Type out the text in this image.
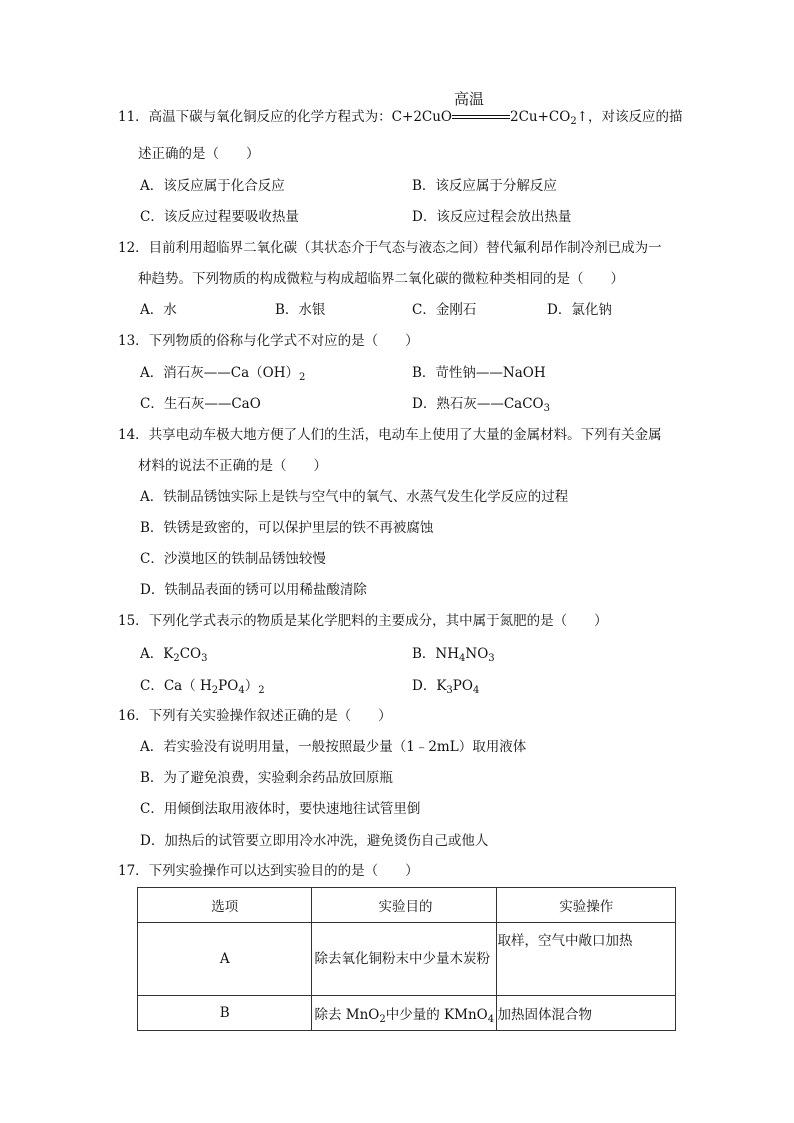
11．高温下碳与氧化铜反应的化学方程式为：C+2CuO
高温
$2Cu+CO_2↑$，对该反应的描
述正确的是（　　）
A．该反应属于化合反应	B．该反应属于分解反应
C．该反应过程要吸收热量	D．该反应过程会放出热量
12．目前利用超临界二氧化碳（其状态介于气态与液态之间）替代氟利昂作制冷剂已成为一
种趋势。下列物质的构成微粒与构成超临界二氧化碳的微粒种类相同的是（　　）
A．水	B．水银	C．金刚石	D．氯化钠
13．下列物质的俗称与化学式不对应的是（　　）
A．消石灰$——Ca(OH)_2$	B．苛性钠——NaOH
C．生石灰——CaO	D．熟石灰——CaCO$_3$
14．共享电动车极大地方便了人们的生活，电动车上使用了大量的金属材料。下列有关金属
材料的说法不正确的是（　　）
A．铁制品锈蚀实际上是铁与空气中的氧气、水蒸气发生化学反应的过程
B．铁锈是致密的，可以保护里层的铁不再被腐蚀
C．沙漠地区的铁制品锈蚀较慢
D．铁制品表面的锈可以用稀盐酸清除
15．下列化学式表示的物质是某化学肥料的主要成分，其中属于氮肥的是（　　）
A．$K_2CO_3$	B．$NH_4NO_3$
C．Ca（ $H_2PO_4)_2$	D．$K_3PO_4$
16．下列有关实验操作叙述正确的是（　　）
A．若实验没有说明用量，一般按照最少量（1﹣2mL）取用液体
B．为了避免浪费，实验剩余药品放回原瓶
C．用倾倒法取用液体时，要快速地往试管里倒
D．加热后的试管要立即用冷水冲洗，避免烫伤自己或他人
17．下列实验操作可以达到实验目的的是（　　）
选项	实验目的	实验操作
A	除去氧化铜粉末中少量木炭粉	取样，空气中敞口加热
B	除去 MnO$_2$中少量的 KMnO$_4$	加热固体混合物
